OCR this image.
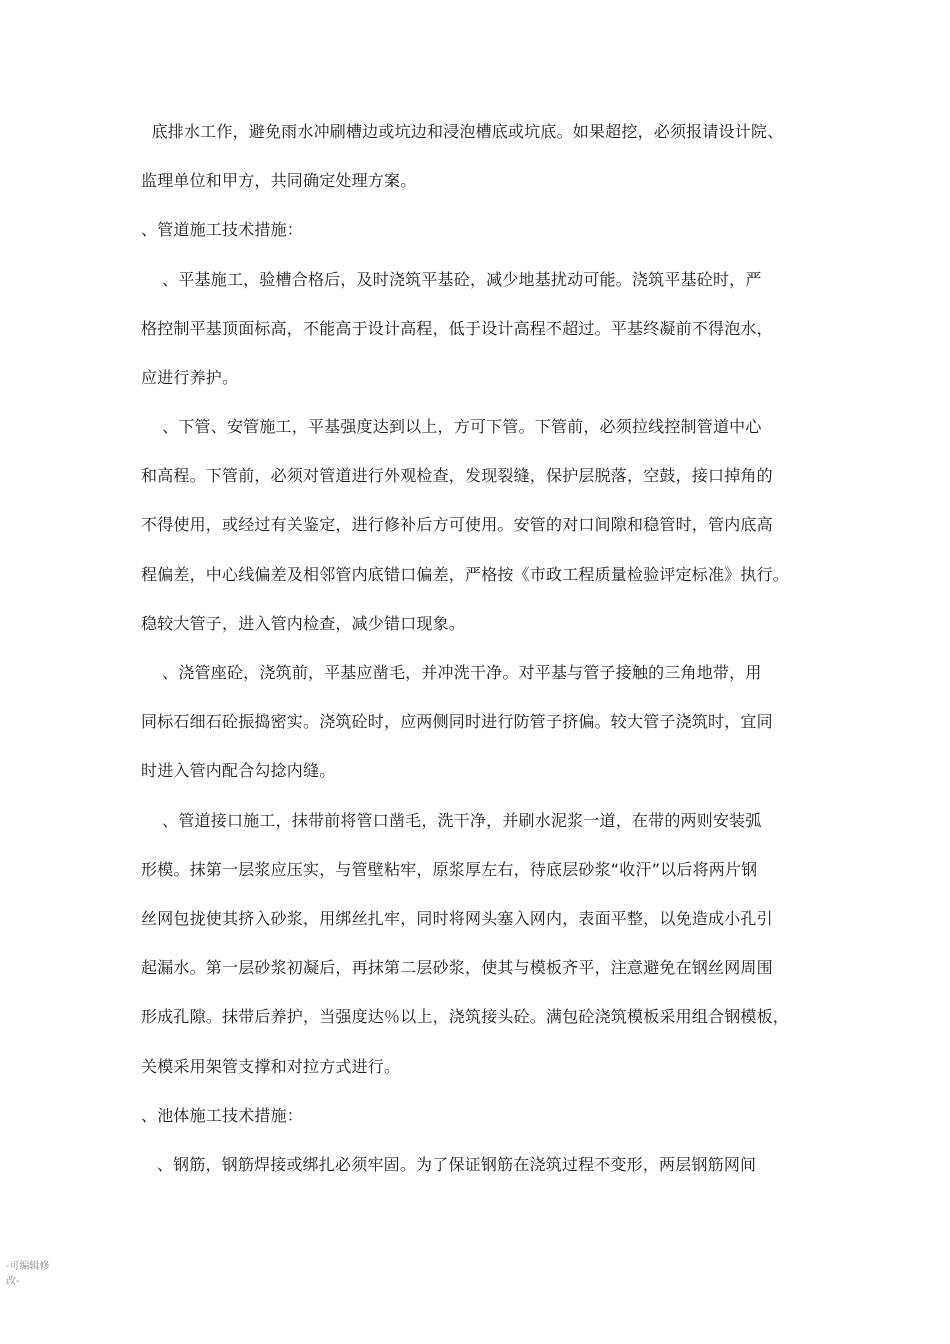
底排水工作，避免雨水冲刷槽边或坑边和浸泡槽底或坑底。如果超挖，必须报请设计院、
监理单位和甲方，共同确定处理方案。
、管道施工技术措施：
、平基施工，验槽合格后，及时浇筑平基砼，减少地基扰动可能。浇筑平基砼时，严
格控制平基顶面标高，不能高于设计高程，低于设计高程不超过。平基终凝前不得泡水，
应进行养护。
、下管、安管施工，平基强度达到以上，方可下管。下管前，必须拉线控制管道中心
和高程。下管前，必须对管道进行外观检查，发现裂缝，保护层脱落，空鼓，接口掉角的
不得使用，或经过有关鉴定，进行修补后方可使用。安管的对口间隙和稳管时，管内底高
程偏差，中心线偏差及相邻管内底错口偏差，严格按《市政工程质量检验评定标准》执行。
稳较大管子，进入管内检查，减少错口现象。
、浇管座砼，浇筑前，平基应凿毛，并冲洗干净。对平基与管子接触的三角地带，用
同标石细石砼振捣密实。浇筑砼时，应两侧同时进行防管子挤偏。较大管子浇筑时，宜同
时进入管内配合勾捻内缝。
、管道接口施工，抹带前将管口凿毛，洗干净，并刷水泥浆一道，在带的两则安装弧
形模。抹第一层浆应压实，与管壁粘牢，原浆厚左右，待底层砂浆“收汗”以后将两片钢
丝网包拢使其挤入砂浆，用绑丝扎牢，同时将网头塞入网内，表面平整，以免造成小孔引
起漏水。第一层砂浆初凝后，再抹第二层砂浆，使其与模板齐平，注意避免在钢丝网周围
形成孔隙。抹带后养护，当强度达％以上，浇筑接头砼。满包砼浇筑模板采用组合钢模板，
关模采用架管支撑和对拉方式进行。
、池体施工技术措施：
、钢筋，钢筋焊接或绑扎必须牢固。为了保证钢筋在浇筑过程不变形，两层钢筋网间
-可编辑修
改-
